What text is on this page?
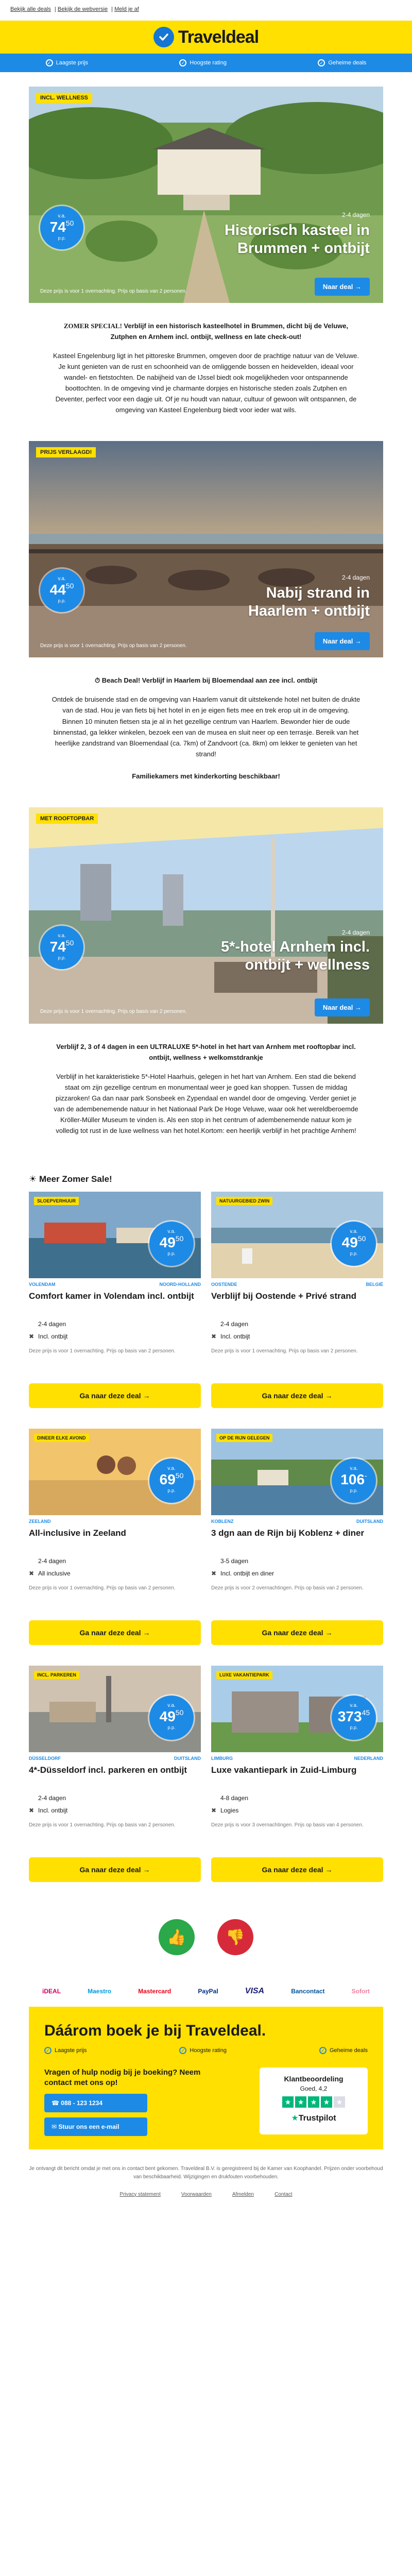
Bekijk alle deals | Bekijk de webversie | Meld je af
Traveldeal
✓ Laagste prijs	✓ Hoogste rating	✓ Geheime deals
INCL. WELLNESS
v.a.
7450
p.p.
2-4 dagen
Historisch kasteel in Brummen + ontbijt
Deze prijs is voor 1 overnachting. Prijs op basis van 2 personen.
Naar deal →

ZOMER SPECIAL! Verblijf in een historisch kasteelhotel in Brummen, dicht bij de Veluwe, Zutphen en Arnhem incl. ontbijt, wellness en late check-out!

Kasteel Engelenburg ligt in het pittoreske Brummen, omgeven door de prachtige natuur van de Veluwe. Je kunt genieten van de rust en schoonheid van de omliggende bossen en heidevelden, ideaal voor wandel- en fietstochten. De nabijheid van de IJssel biedt ook mogelijkheden voor ontspannende boottochten. In de omgeving vind je charmante dorpjes en historische steden zoals Zutphen en Deventer, perfect voor een dagje uit. Of je nu houdt van natuur, cultuur of gewoon wilt ontspannen, de omgeving van Kasteel Engelenburg biedt voor ieder wat wils.

PRIJS VERLAAGD!
v.a.
4450
p.p.
2-4 dagen
Nabij strand in Haarlem + ontbijt
Deze prijs is voor 1 overnachting. Prijs op basis van 2 personen.
Naar deal →

⏱ Beach Deal! Verblijf in Haarlem bij Bloemendaal aan zee incl. ontbijt

Ontdek de bruisende stad en de omgeving van Haarlem vanuit dit uitstekende hotel net buiten de drukte van de stad. Hou je van fiets bij het hotel in en je eigen fiets mee en trek erop uit in de omgeving. Binnen 10 minuten fietsen sta je al in het gezellige centrum van Haarlem. Bewonder hier de oude binnenstad, ga lekker winkelen, bezoek een van de musea en sluit neer op een terrasje. Bereik van het heerlijke zandstrand van Bloemendaal (ca. 7km) of Zandvoort (ca. 8km) om lekker te genieten van het strand!

Familiekamers met kinderkorting beschikbaar!

MET ROOFTOPBAR
v.a.
7450
p.p.
2-4 dagen
5*-hotel Arnhem incl. ontbijt + wellness
Deze prijs is voor 1 overnachting. Prijs op basis van 2 personen.
Naar deal →

Verblijf 2, 3 of 4 dagen in een ULTRALUXE 5*-hotel in het hart van Arnhem met rooftopbar incl. ontbijt, wellness + welkomstdrankje

Verblijf in het karakteristieke 5*-Hotel Haarhuis, gelegen in het hart van Arnhem. Een stad die bekend staat om zijn gezellige centrum en monumentaal weer je goed kan shoppen. Tussen de middag pizzaroken! Ga dan naar park Sonsbeek en Zypendaal en wandel door de omgeving. Verder geniet je van de adembenemende natuur in het Nationaal Park De Hoge Veluwe, waar ook het wereldberoemde Kröller-Müller Museum te vinden is. Als een stop in het centrum of adembenemende natuur kom je volledig tot rust in de luxe wellness van het hotel.Kortom: een heerlijk verblijf in het prachtige Arnhem!

☀ Meer Zomer Sale!
SLOEPVERHUUR
v.a.
4950
p.p.
VOLENDAM	NOORD-HOLLAND
Comfort kamer in Volendam incl. ontbijt
2-4 dagen
✖ Incl. ontbijt

Deze prijs is voor 1 overnachting. Prijs op basis van 2 personen.

Ga naar deze deal →
NATUURGEBIED ZWIN
v.a.
4950
p.p.
OOSTENDE	BELGIË
Verblijf bij Oostende + Privé strand
2-4 dagen
✖ Incl. ontbijt

Deze prijs is voor 1 overnachting. Prijs op basis van 2 personen.

Ga naar deze deal →
DINEER ELKE AVOND
v.a.
6950
p.p.
ZEELAND
All-inclusive in Zeeland
2-4 dagen
✖ All inclusive

Deze prijs is voor 1 overnachting. Prijs op basis van 2 personen.

Ga naar deze deal →
OP DE RIJN GELEGEN
v.a.
106-
p.p.
KOBLENZ	DUITSLAND
3 dgn aan de Rijn bij Koblenz + diner
3-5 dagen
✖ Incl. ontbijt en diner

Deze prijs is voor 2 overnachtingen. Prijs op basis van 2 personen.

Ga naar deze deal →
INCL. PARKEREN
v.a.
4950
p.p.
DÜSSELDORF	DUITSLAND
4*-Düsseldorf incl. parkeren en ontbijt
2-4 dagen
✖ Incl. ontbijt

Deze prijs is voor 1 overnachting. Prijs op basis van 2 personen.

Ga naar deze deal →
LUXE VAKANTIEPARK
v.a.
37345
p.p.
LIMBURG	NEDERLAND
Luxe vakantiepark in Zuid-Limburg
4-8 dagen
✖ Logies

Deze prijs is voor 3 overnachtingen. Prijs op basis van 4 personen.

Ga naar deze deal →
👍	👎
iDEAL	Maestro	Mastercard	PayPal	VISA	Bancontact	Sofort
Dáárom boek je bij Traveldeal.
✓ Laagste prijs	✓ Hoogste rating	✓ Geheime deals

Vragen of hulp nodig bij je boeking? Neem contact met ons op!

☎ 088 - 123 1234
✉ Stuur ons een e-mail
Klantbeoordeling
Goed, 4,2
★ ★ ★ ★ ★
★Trustpilot

Je ontvangt dit bericht omdat je met ons in contact bent gekomen. Traveldeal B.V. is geregistreerd bij de Kamer van Koophandel. Prijzen onder voorbehoud van beschikbaarheid. Wijzigingen en drukfouten voorbehouden.

Privacy statement	Voorwaarden	Afmelden	Contact
